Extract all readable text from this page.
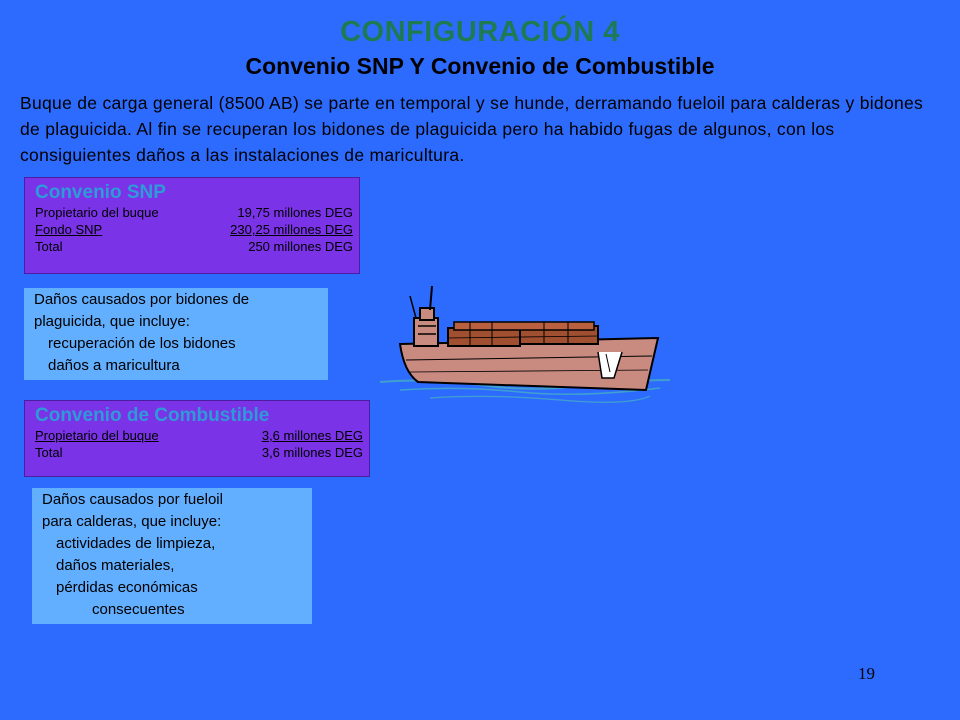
CONFIGURACIÓN 4
Convenio SNP Y Convenio de Combustible
Buque de carga general (8500 AB) se parte en temporal y se hunde, derramando fueloil para calderas y bidones de plaguicida. Al fin se recuperan los bidones de plaguicida pero ha habido fugas de algunos, con los consiguientes daños a las instalaciones de maricultura.
Convenio SNP
Propietario del buque	19,75 millones DEG
Fondo SNP	230,25 millones DEG
Total	250 millones DEG
Daños causados por bidones de
plaguicida, que incluye:
recuperación de los bidones
daños a maricultura
Convenio de Combustible
Propietario del buque	3,6 millones DEG
Total	3,6 millones DEG
Daños causados por fueloil
para calderas, que incluye:
actividades de limpieza,
daños materiales,
pérdidas económicas
consecuentes
19
